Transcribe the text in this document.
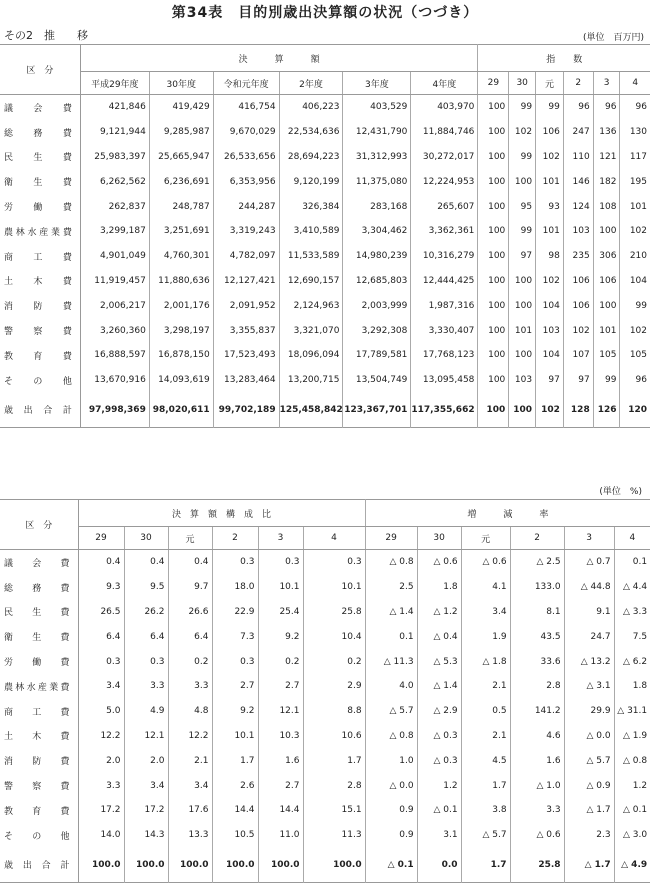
第34表　目的別歳出決算額の状況（つづき）
その2　推　　移	(単位　百万円)
区　分	決　　　算　　　額						指　　数					
	平成29年度	30年度	令和元年度	2年度	3年度	4年度	29	30	元	2	3	4
議会費	421,846	419,429	416,754	406,223	403,529	403,970	100	99	99	96	96	96
総務費	9,121,944	9,285,987	9,670,029	22,534,636	12,431,790	11,884,746	100	102	106	247	136	130
民生費	25,983,397	25,665,947	26,533,656	28,694,223	31,312,993	30,272,017	100	99	102	110	121	117
衛生費	6,262,562	6,236,691	6,353,956	9,120,199	11,375,080	12,224,953	100	100	101	146	182	195
労働費	262,837	248,787	244,287	326,384	283,168	265,607	100	95	93	124	108	101
農林水産業費	3,299,187	3,251,691	3,319,243	3,410,589	3,304,462	3,362,361	100	99	101	103	100	102
商工費	4,901,049	4,760,301	4,782,097	11,533,589	14,980,239	10,316,279	100	97	98	235	306	210
土木費	11,919,457	11,880,636	12,127,421	12,690,157	12,685,803	12,444,425	100	100	102	106	106	104
消防費	2,006,217	2,001,176	2,091,952	2,124,963	2,003,999	1,987,316	100	100	104	106	100	99
警察費	3,260,360	3,298,197	3,355,837	3,321,070	3,292,308	3,330,407	100	101	103	102	101	102
教育費	16,888,597	16,878,150	17,523,493	18,096,094	17,789,581	17,768,123	100	100	104	107	105	105
その他	13,670,916	14,093,619	13,283,464	13,200,715	13,504,749	13,095,458	100	103	97	97	99	96
歳出合計	97,998,369	98,020,611	99,702,189	125,458,842	123,367,701	117,355,662	100	100	102	128	126	120
(単位　%)
区　分	決　算　額　構　成　比						増　　　減　　　率					
	29	30	元	2	3	4	29	30	元	2	3	4
議会費	0.4	0.4	0.4	0.3	0.3	0.3	△ 0.8	△ 0.6	△ 0.6	△ 2.5	△ 0.7	0.1
総務費	9.3	9.5	9.7	18.0	10.1	10.1	2.5	1.8	4.1	133.0	△ 44.8	△ 4.4
民生費	26.5	26.2	26.6	22.9	25.4	25.8	△ 1.4	△ 1.2	3.4	8.1	9.1	△ 3.3
衛生費	6.4	6.4	6.4	7.3	9.2	10.4	0.1	△ 0.4	1.9	43.5	24.7	7.5
労働費	0.3	0.3	0.2	0.3	0.2	0.2	△ 11.3	△ 5.3	△ 1.8	33.6	△ 13.2	△ 6.2
農林水産業費	3.4	3.3	3.3	2.7	2.7	2.9	4.0	△ 1.4	2.1	2.8	△ 3.1	1.8
商工費	5.0	4.9	4.8	9.2	12.1	8.8	△ 5.7	△ 2.9	0.5	141.2	29.9	△ 31.1
土木費	12.2	12.1	12.2	10.1	10.3	10.6	△ 0.8	△ 0.3	2.1	4.6	△ 0.0	△ 1.9
消防費	2.0	2.0	2.1	1.7	1.6	1.7	1.0	△ 0.3	4.5	1.6	△ 5.7	△ 0.8
警察費	3.3	3.4	3.4	2.6	2.7	2.8	△ 0.0	1.2	1.7	△ 1.0	△ 0.9	1.2
教育費	17.2	17.2	17.6	14.4	14.4	15.1	0.9	△ 0.1	3.8	3.3	△ 1.7	△ 0.1
その他	14.0	14.3	13.3	10.5	11.0	11.3	0.9	3.1	△ 5.7	△ 0.6	2.3	△ 3.0
歳出合計	100.0	100.0	100.0	100.0	100.0	100.0	△ 0.1	0.0	1.7	25.8	△ 1.7	△ 4.9
